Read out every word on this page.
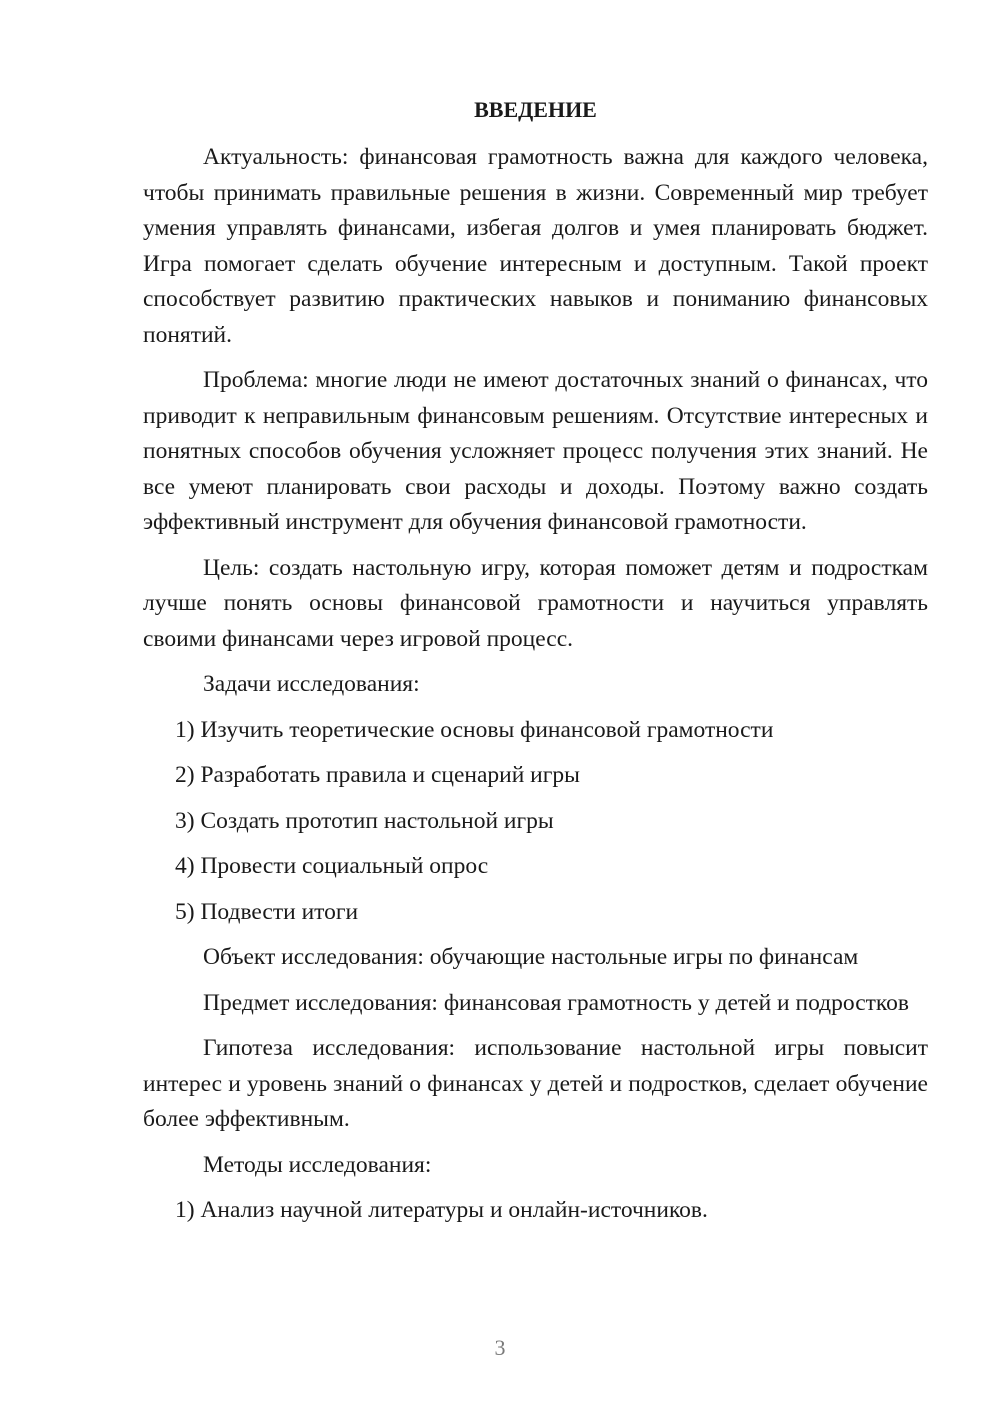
ВВЕДЕНИЕ

Актуальность: финансовая грамотность важна для каждого человека, чтобы принимать правильные решения в жизни. Современный мир требует умения управлять финансами, избегая долгов и умея планировать бюджет. Игра помогает сделать обучение интересным и доступным. Такой проект способствует развитию практических навыков и пониманию финансовых понятий.

Проблема: многие люди не имеют достаточных знаний о финансах, что приводит к неправильным финансовым решениям. Отсутствие интересных и понятных способов обучения усложняет процесс получения этих знаний. Не все умеют планировать свои расходы и доходы. Поэтому важно создать эффективный инструмент для обучения финансовой грамотности.

Цель: создать настольную игру, которая поможет детям и подросткам лучше понять основы финансовой грамотности и научиться управлять своими финансами через игровой процесс.

Задачи исследования:

1) Изучить теоретические основы финансовой грамотности

2) Разработать правила и сценарий игры

3) Создать прототип настольной игры

4) Провести социальный опрос

5) Подвести итоги

Объект исследования: обучающие настольные игры по финансам

Предмет исследования: финансовая грамотность у детей и подростков

Гипотеза исследования: использование настольной игры повысит интерес и уровень знаний о финансах у детей и подростков, сделает обучение более эффективным.

Методы исследования:

1) Анализ научной литературы и онлайн-источников.

3
